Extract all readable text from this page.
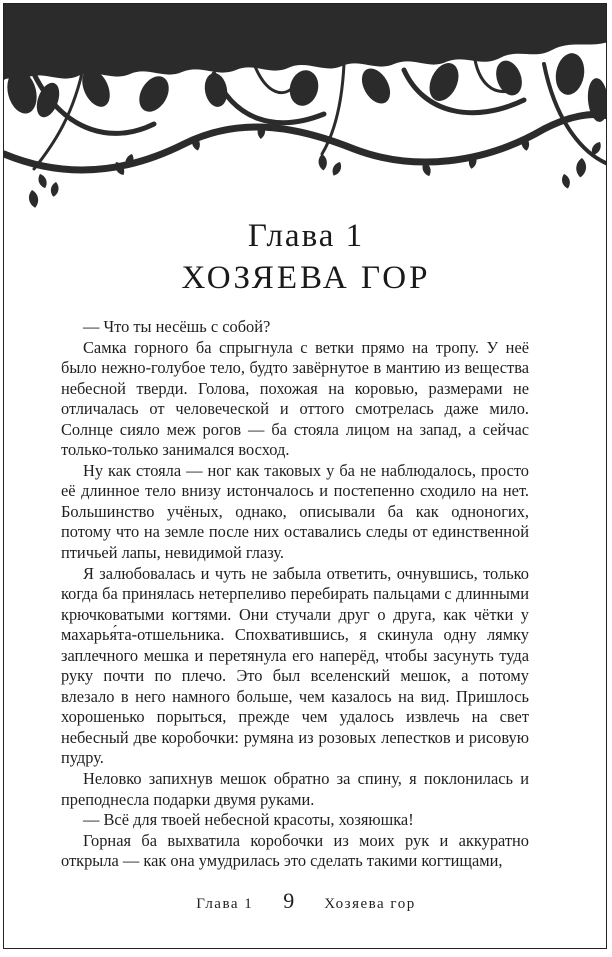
Глава 1
ХОЗЯЕВА ГОР

— Что ты несёшь с собой?

Самка горного ба спрыгнула с ветки прямо на тропу. У неё было нежно-голубое тело, будто завёрнутое в мантию из вещества небесной тверди. Голова, похожая на коровью, размерами не отличалась от человеческой и оттого смотрелась даже мило. Солнце сияло меж рогов — ба стояла лицом на запад, а сейчас только-только занимался восход.

Ну как стояла — ног как таковых у ба не наблюдалось, просто её длинное тело внизу истончалось и постепенно сходило на нет. Большинство учёных, однако, описывали ба как одноногих, потому что на земле после них оставались следы от единственной птичьей лапы, невидимой глазу.

Я залюбовалась и чуть не забыла ответить, очнувшись, только когда ба принялась нетерпеливо перебирать пальцами с длинными крючковатыми когтями. Они стучали друг о друга, как чётки у махарья́та-отшельника. Спохватившись, я скинула одну лямку заплечного мешка и перетянула его наперёд, чтобы засунуть туда руку почти по плечо. Это был вселенский мешок, а потому влезало в него намного больше, чем казалось на вид. Пришлось хорошенько порыться, прежде чем удалось извлечь на свет небесный две коробочки: румяна из розовых лепестков и рисовую пудру.

Неловко запихнув мешок обратно за спину, я поклонилась и преподнесла подарки двумя руками.

— Всё для твоей небесной красоты, хозяюшка!

Горная ба выхватила коробочки из моих рук и аккуратно открыла — как она умудрилась это сделать такими когтищами,

Глава 1 9 Хозяева гор
